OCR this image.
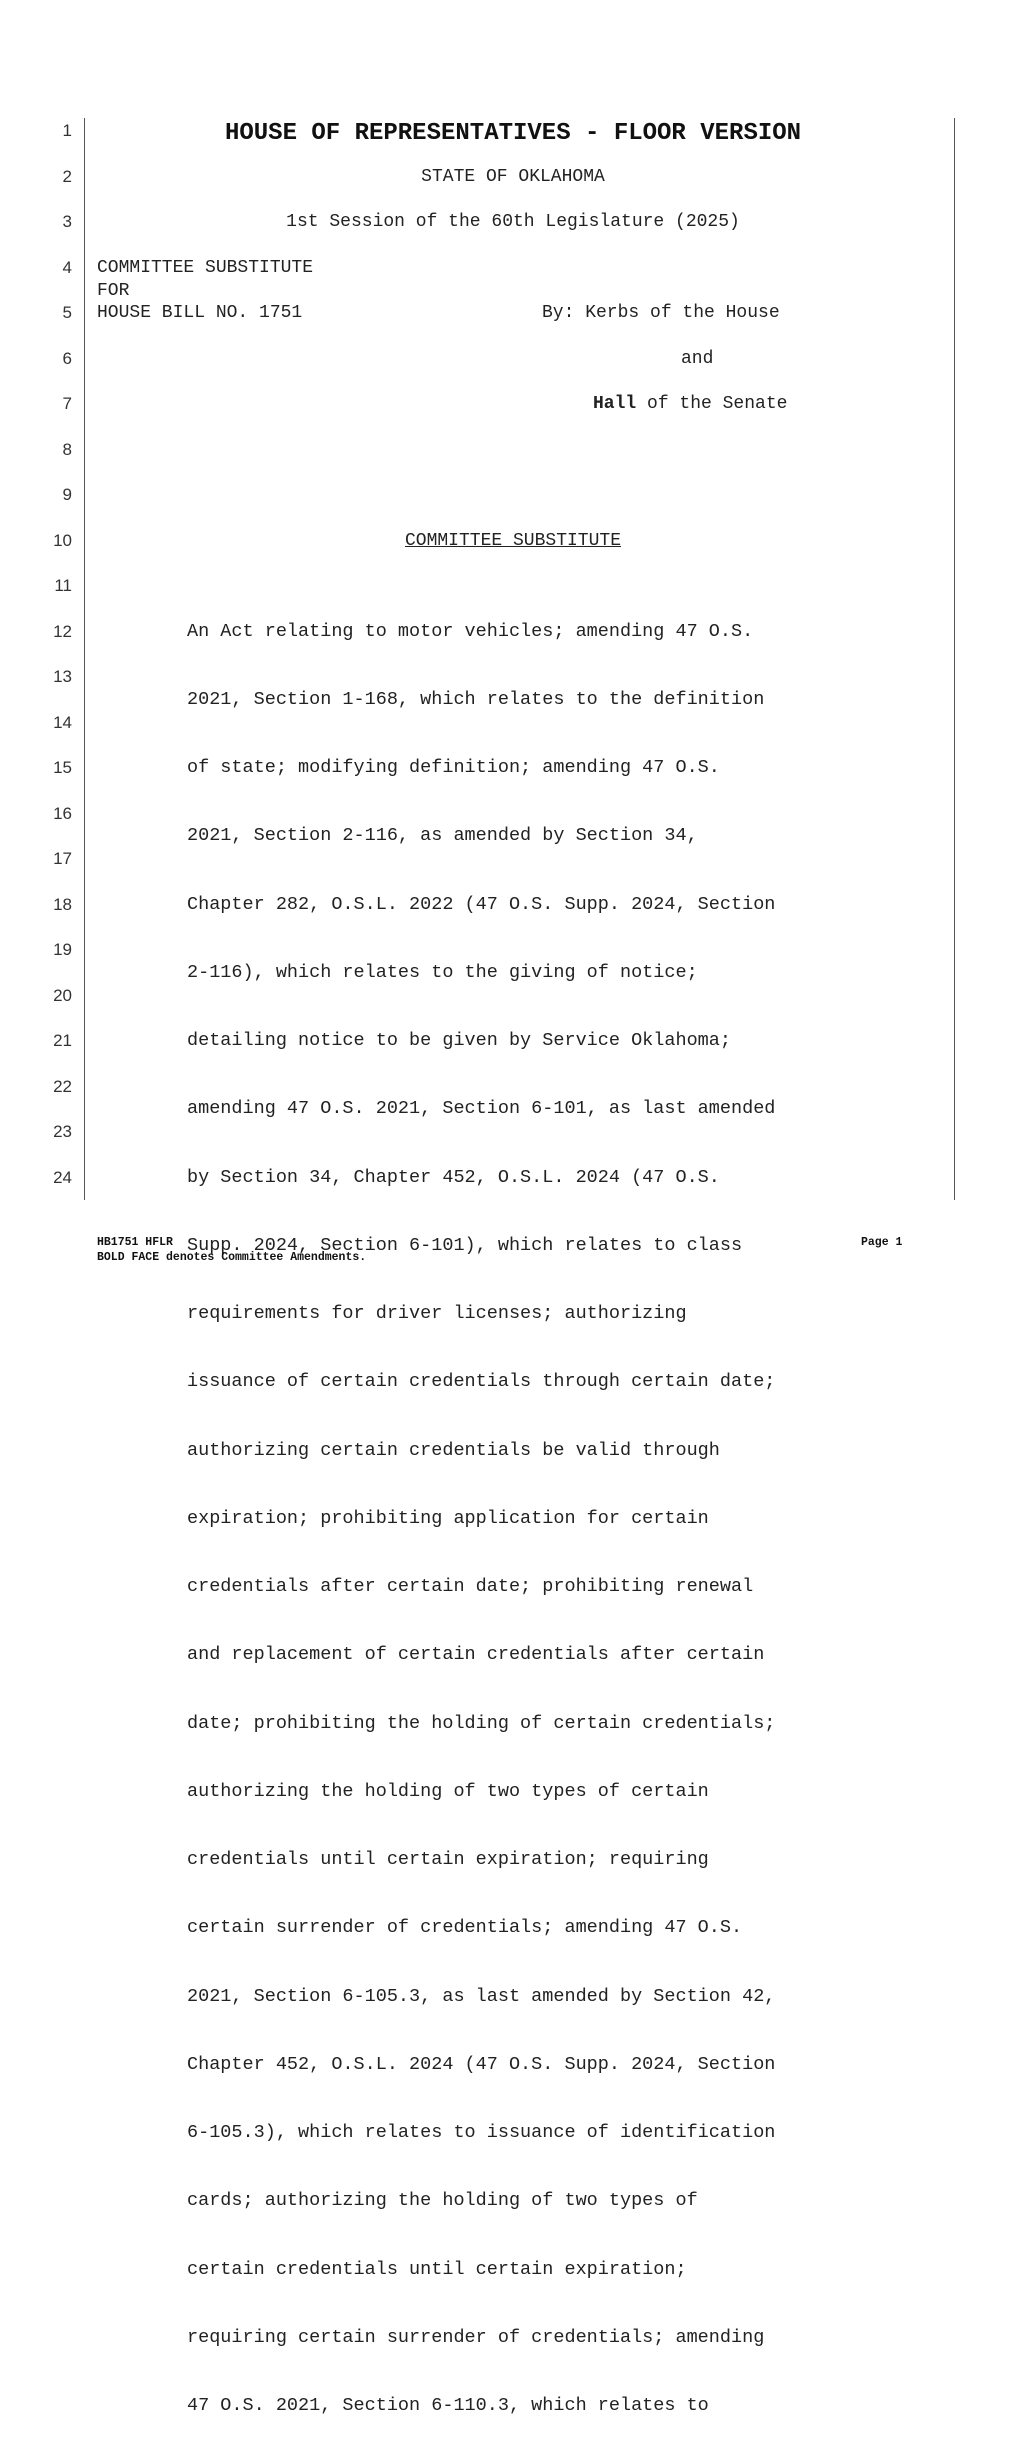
1
2
3
4
5
6
7
8
9
10
11
12
13
14
15
16
17
18
19
20
21
22
23
24
HOUSE OF REPRESENTATIVES - FLOOR VERSION
STATE OF OKLAHOMA
1st Session of the 60th Legislature (2025)
COMMITTEE SUBSTITUTE
FOR
HOUSE BILL NO. 1751	By: Kerbs of the House
and
Hall of the Senate
COMMITTEE SUBSTITUTE

An Act relating to motor vehicles; amending 47 O.S.

2021, Section 1-168, which relates to the definition

of state; modifying definition; amending 47 O.S.

2021, Section 2-116, as amended by Section 34,

Chapter 282, O.S.L. 2022 (47 O.S. Supp. 2024, Section

2-116), which relates to the giving of notice;

detailing notice to be given by Service Oklahoma;

amending 47 O.S. 2021, Section 6-101, as last amended

by Section 34, Chapter 452, O.S.L. 2024 (47 O.S.

Supp. 2024, Section 6-101), which relates to class

requirements for driver licenses; authorizing

issuance of certain credentials through certain date;

authorizing certain credentials be valid through

expiration; prohibiting application for certain

credentials after certain date; prohibiting renewal

and replacement of certain credentials after certain

date; prohibiting the holding of certain credentials;

authorizing the holding of two types of certain

credentials until certain expiration; requiring

certain surrender of credentials; amending 47 O.S.

2021, Section 6-105.3, as last amended by Section 42,

Chapter 452, O.S.L. 2024 (47 O.S. Supp. 2024, Section

6-105.3), which relates to issuance of identification

cards; authorizing the holding of two types of

certain credentials until certain expiration;

requiring certain surrender of credentials; amending

47 O.S. 2021, Section 6-110.3, which relates to

HB1751 HFLR
BOLD FACE denotes Committee Amendments.
Page 1
